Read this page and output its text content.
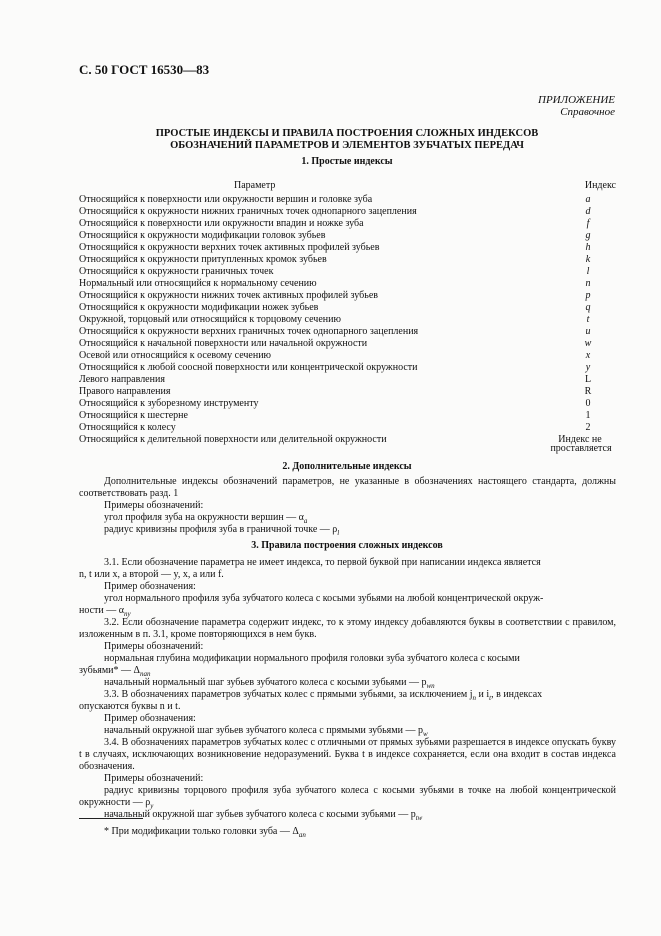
С. 50 ГОСТ 16530—83
ПРИЛОЖЕНИЕ
Справочное
ПРОСТЫЕ ИНДЕКСЫ И ПРАВИЛА ПОСТРОЕНИЯ СЛОЖНЫХ ИНДЕКСОВ
ОБОЗНАЧЕНИЙ ПАРАМЕТРОВ И ЭЛЕМЕНТОВ ЗУБЧАТЫХ ПЕРЕДАЧ
1. Простые индексы
Параметр	Индекс
Относящийся к поверхности или окружности вершин и головке зуба	a
Относящийся к окружности нижних граничных точек однопарного зацепления	d
Относящийся к поверхности или окружности впадин и ножке зуба	f
Относящийся к окружности модификации головок зубьев	g
Относящийся к окружности верхних точек активных профилей зубьев	h
Относящийся к окружности притупленных кромок зубьев	k
Относящийся к окружности граничных точек	l
Нормальный или относящийся к нормальному сечению	n
Относящийся к окружности нижних точек активных профилей зубьев	p
Относящийся к окружности модификации ножек зубьев	q
Окружной, торцовый или относящийся к торцовому сечению	t
Относящийся к окружности верхних граничных точек однопарного зацепления	u
Относящийся к начальной поверхности или начальной окружности	w
Осевой или относящийся к осевому сечению	x
Относящийся к любой соосной поверхности или концентрической окружности	y
Левого направления	L
Правого направления	R
Относящийся к зуборезному инструменту	0
Относящийся к шестерне	1
Относящийся к колесу	2
Относящийся к делительной поверхности или делительной окружности	Индекс не
проставляется
2. Дополнительные индексы
Дополнительные индексы обозначений параметров, не указанные в обозначениях настоящего стандарта, должны соответствовать разд. 1
Примеры обозначений:
угол профиля зуба на окружности вершин — $\alpha_a$
радиус кривизны профиля зуба в граничной точке — $\rho_l$
3. Правила построения сложных индексов
3.1. Если обозначение параметра не имеет индекса, то первой буквой при написании индекса является
n, t или x, а второй — y, x, a или f.
Пример обозначения:
угол нормального профиля зуба зубчатого колеса с косыми зубьями на любой концентрической окруж-
ности — $\alpha_{ny}$
3.2. Если обозначение параметра содержит индекс, то к этому индексу добавляются буквы в соответствии с правилом, изложенным в п. 3.1, кроме повторяющихся в нем букв.
Примеры обозначений:
нормальная глубина модификации нормального профиля головки зуба зубчатого колеса с косыми
зубьями* — $\Delta_{nan}$
начальный нормальный шаг зубьев зубчатого колеса с косыми зубьями — $p_{wn}$
3.3. В обозначениях параметров зубчатых колес с прямыми зубьями, за исключением $j_n$ и $i_t$, в индексах
опускаются буквы n и t.
Пример обозначения:
начальный окружной шаг зубьев зубчатого колеса с прямыми зубьями — $p_w$
3.4. В обозначениях параметров зубчатых колес с отличными от прямых зубьями разрешается в индексе опускать букву t в случаях, исключающих возникновение недоразумений. Буква t в индексе сохраняется, если она входит в состав индекса обозначения.
Примеры обозначений:
радиус кривизны торцового профиля зуба зубчатого колеса с косыми зубьями в точке на любой концентрической окружности — $\rho_y$
начальный окружной шаг зубьев зубчатого колеса с косыми зубьями — $p_{tw}$
* При модификации только головки зуба — $\Delta_{an}$
